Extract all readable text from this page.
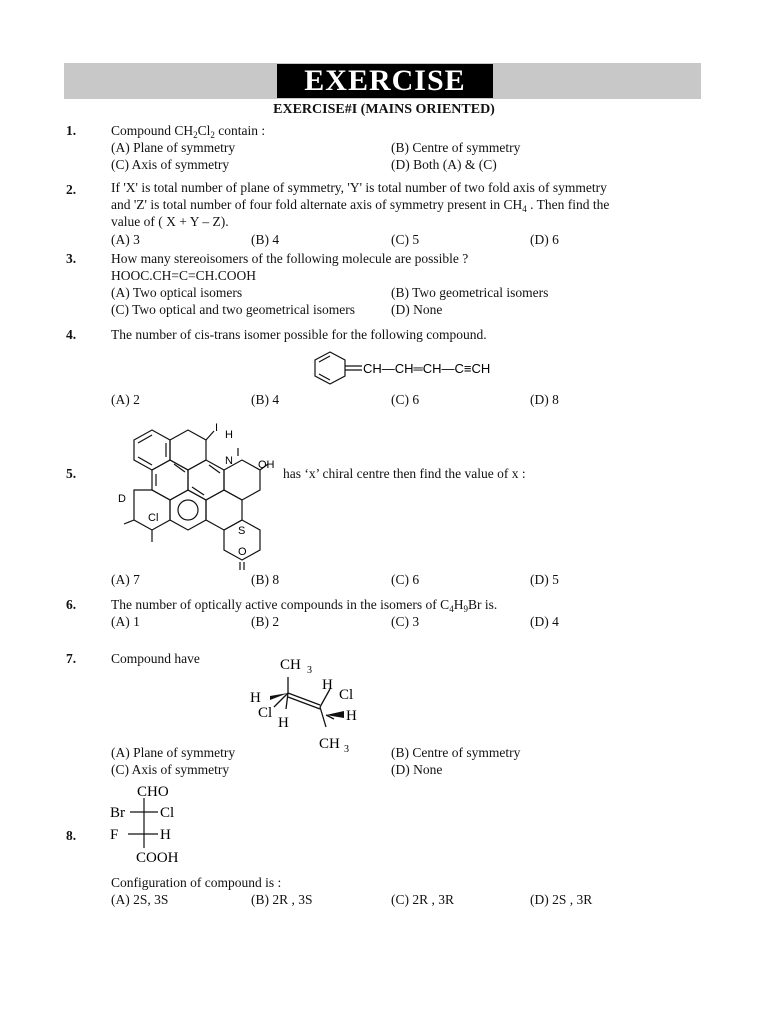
EXERCISE
EXERCISE#I (MAINS ORIENTED)
1.	Compound $CH_2Cl_2$ contain :
(A) Plane of symmetry	(B) Centre of symmetry
(C) Axis of symmetry	(D) Both (A) & (C)
2.	If 'X' is total number of plane of symmetry, 'Y' is total number of two fold axis of symmetry
and 'Z' is total number of four fold alternate axis of symmetry present in $CH_4$ . Then find the
value of ( X + Y – Z).
(A) 3	(B) 4	(C) 5	(D) 6
3.	How many stereoisomers of the following molecule are possible ?
HOOC.CH=C=CH.COOH
(A) Two optical isomers	(B) Two geometrical isomers
(C) Two optical and two geometrical isomers	(D) None
4.	The number of cis-trans isomer possible for the following compound.
CH—CH═CH—C≡CH
(A) 2	(B) 4	(C) 6	(D) 8
5.
I
H
N OH
D
Cl
S
O
has ‘x’ chiral centre then find the value of x :
(A) 7	(B) 8	(C) 6	(D) 5
6.	The number of optically active compounds in the isomers of $C_4H_9Br$ is.
(A) 1	(B) 2	(C) 3	(D) 4
7.	Compound have	CH 3
H
Cl
H
H
Cl
H
CH 3
(A) Plane of symmetry	(B) Centre of symmetry
(C) Axis of symmetry	(D) None
8.
CHO
Br Cl
F	H
COOH
Configuration of compound is :
(A) 2S, 3S	(B) 2R , 3S	(C) 2R , 3R	(D) 2S , 3R
